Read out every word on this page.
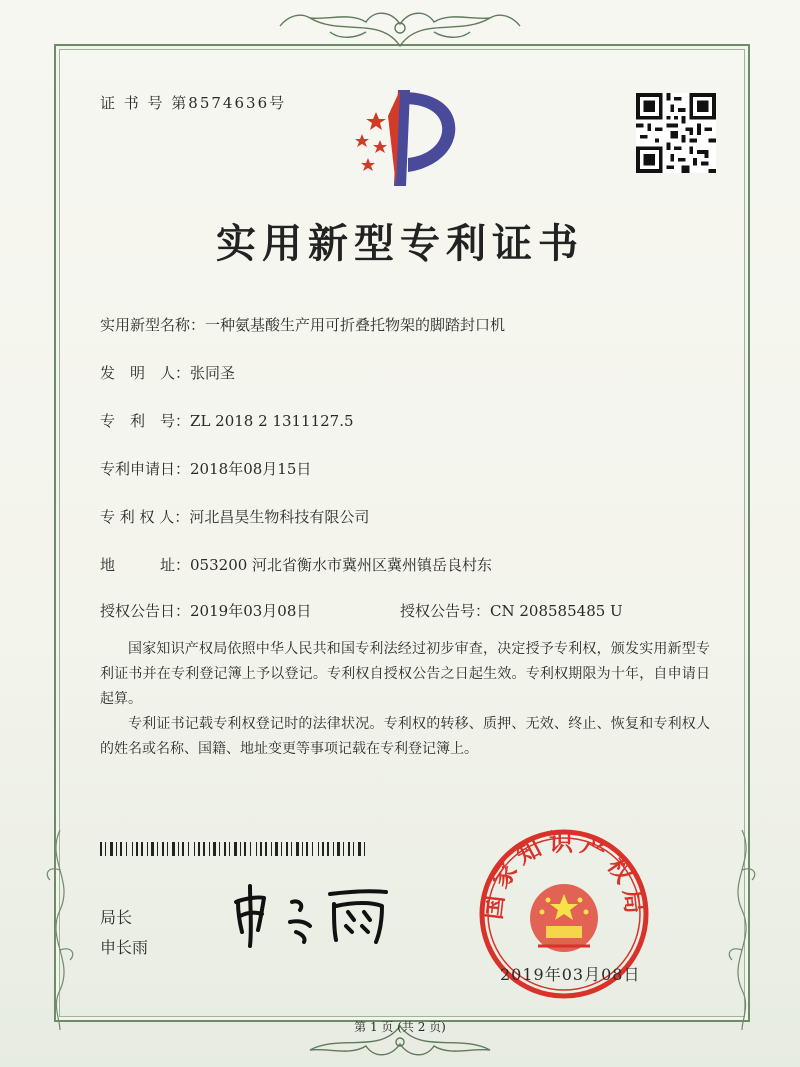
证 书 号 第8574636号
实用新型专利证书
实用新型名称：一种氨基酸生产用可折叠托物架的脚踏封口机
发　明　人：张同圣
专　利　号：ZL 2018 2 1311127.5
专利申请日：2018年08月15日
专 利 权 人：河北昌昊生物科技有限公司
地　　　址：053200 河北省衡水市冀州区冀州镇岳良村东
授权公告日：2019年03月08日	授权公告号：CN 208585485 U
国家知识产权局依照中华人民共和国专利法经过初步审查，决定授予专利权，颁发实用新型专利证书并在专利登记簿上予以登记。专利权自授权公告之日起生效。专利权期限为十年，自申请日起算。
专利证书记载专利权登记时的法律状况。专利权的转移、质押、无效、终止、恢复和专利权人的姓名或名称、国籍、地址变更等事项记载在专利登记簿上。
局长
申长雨
国家知识产权局
2019年03月08日
第 1 页 (共 2 页)
